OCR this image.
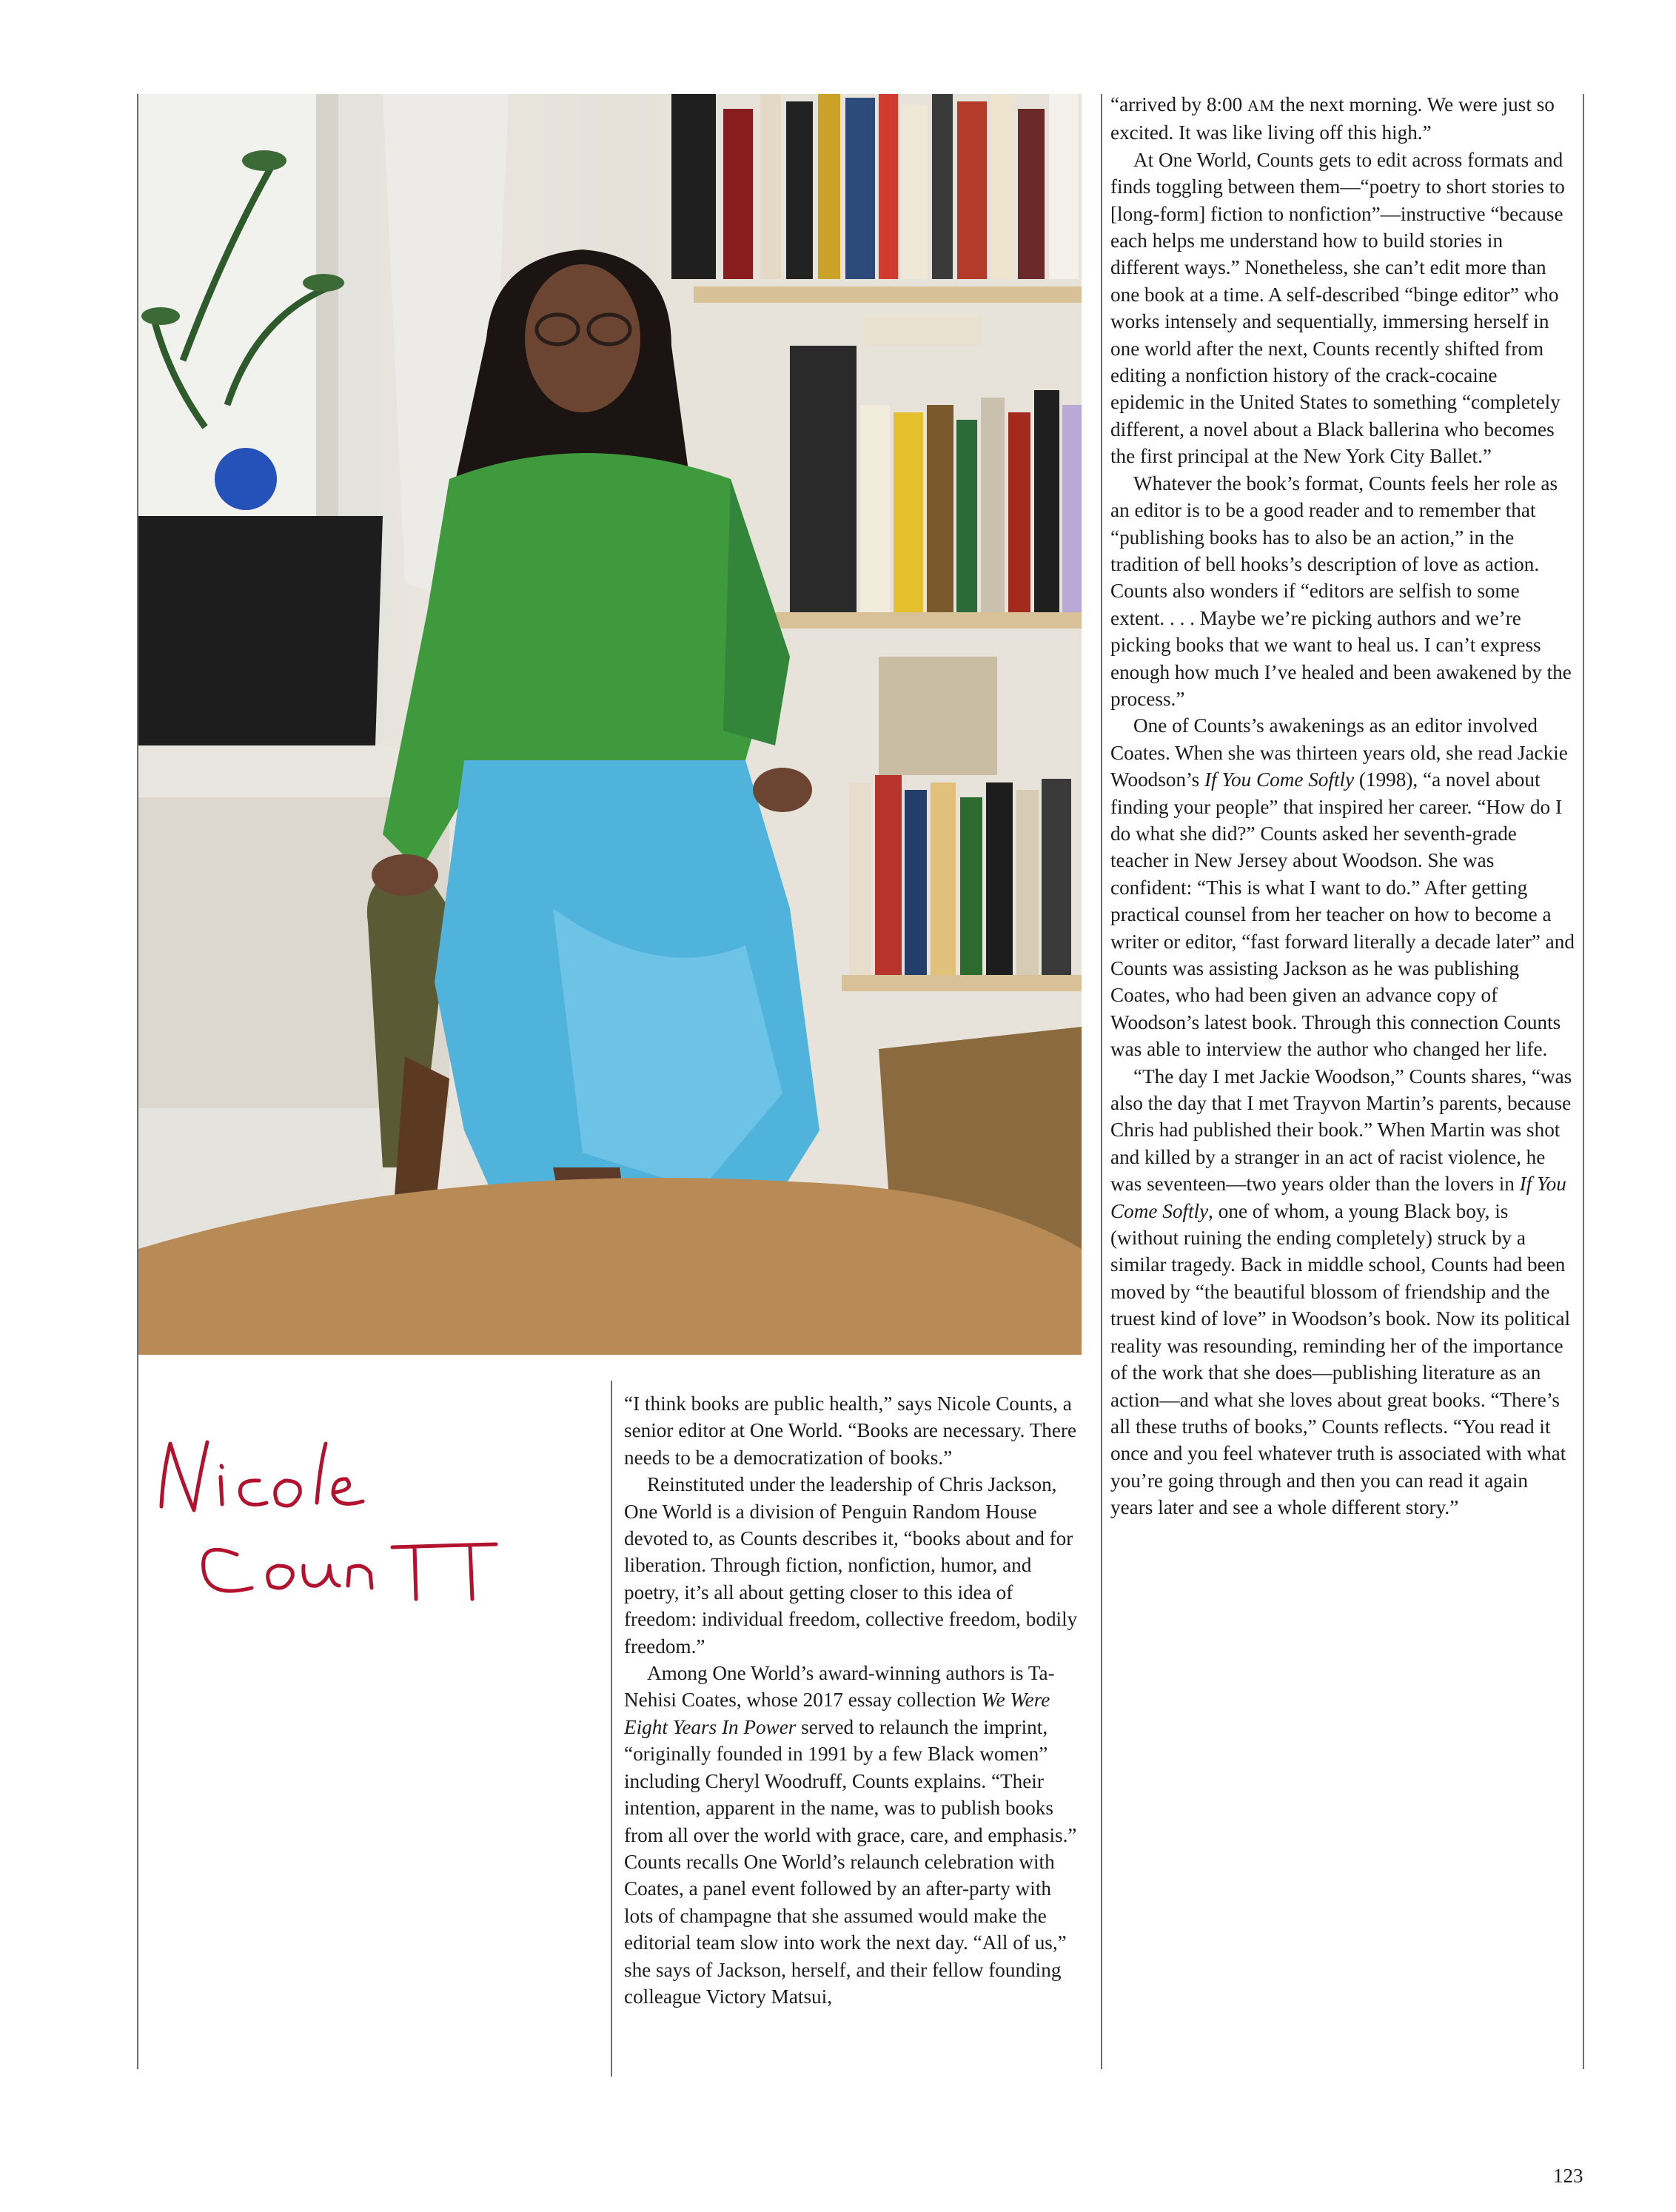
“I think books are public health,” says Nicole Counts, a senior editor at One World. “Books are necessary. There needs to be a democratization of books.”

Reinstituted under the leadership of Chris Jackson, One World is a division of Penguin Random House devoted to, as Counts describes it, “books about and for liberation. Through fiction, nonfiction, humor, and poetry, it’s all about getting closer to this idea of freedom: individual freedom, collective freedom, bodily freedom.”

Among One World’s award-winning authors is Ta-Nehisi Coates, whose 2017 essay collection We Were Eight Years In Power served to relaunch the imprint, “originally founded in 1991 by a few Black women” including Cheryl Woodruff, Counts explains. “Their intention, apparent in the name, was to publish books from all over the world with grace, care, and emphasis.” Counts recalls One World’s relaunch celebration with Coates, a panel event followed by an after-party with lots of champagne that she assumed would make the editorial team slow into work the next day. “All of us,” she says of Jackson, herself, and their fellow founding colleague Victory Matsui,

“arrived by 8:00 AM the next morning. We were just so excited. It was like living off this high.”

At One World, Counts gets to edit across formats and finds toggling between them—“poetry to short stories to [long-form] fiction to nonfiction”—instructive “because each helps me understand how to build stories in different ways.” Nonetheless, she can’t edit more than one book at a time. A self-described “binge editor” who works intensely and sequentially, immersing herself in one world after the next, Counts recently shifted from editing a nonfiction history of the crack-cocaine epidemic in the United States to something “completely different, a novel about a Black ballerina who becomes the first principal at the New York City Ballet.”

Whatever the book’s format, Counts feels her role as an editor is to be a good reader and to remember that “publishing books has to also be an action,” in the tradition of bell hooks’s description of love as action. Counts also wonders if “editors are selfish to some extent. . . . Maybe we’re picking authors and we’re picking books that we want to heal us. I can’t express enough how much I’ve healed and been awakened by the process.”

One of Counts’s awakenings as an editor involved Coates. When she was thirteen years old, she read Jackie Woodson’s If You Come Softly (1998), “a novel about finding your people” that inspired her career. “How do I do what she did?” Counts asked her seventh-grade teacher in New Jersey about Woodson. She was confident: “This is what I want to do.” After getting practical counsel from her teacher on how to become a writer or editor, “fast forward literally a decade later” and Counts was assisting Jackson as he was publishing Coates, who had been given an advance copy of Woodson’s latest book. Through this connection Counts was able to interview the author who changed her life.

“The day I met Jackie Woodson,” Counts shares, “was also the day that I met Trayvon Martin’s parents, because Chris had published their book.” When Martin was shot and killed by a stranger in an act of racist violence, he was seventeen—two years older than the lovers in If You Come Softly, one of whom, a young Black boy, is (without ruining the ending completely) struck by a similar tragedy. Back in middle school, Counts had been moved by “the beautiful blossom of friendship and the truest kind of love” in Woodson’s book. Now its political reality was resounding, reminding her of the importance of the work that she does—publishing literature as an action—and what she loves about great books. “There’s all these truths of books,” Counts reflects. “You read it once and you feel whatever truth is associated with what you’re going through and then you can read it again years later and see a whole different story.”

123
